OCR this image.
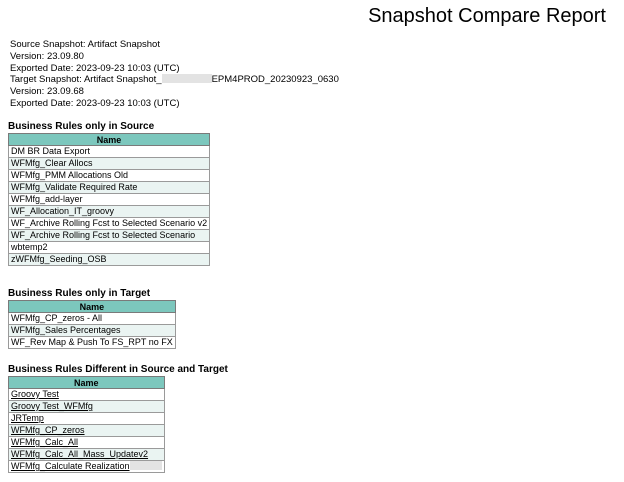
Snapshot Compare Report
Source Snapshot: Artifact Snapshot
Version: 23.09.80
Exported Date: 2023-09-23 10:03 (UTC)
Target Snapshot: Artifact Snapshot_	EPM4PROD_20230923_0630
Version: 23.09.68
Exported Date: 2023-09-23 10:03 (UTC)
Business Rules only in Source
Name
DM BR Data Export
WFMfg_Clear Allocs
WFMfg_PMM Allocations Old
WFMfg_Validate Required Rate
WFMfg_add-layer
WF_Allocation_IT_groovy
WF_Archive Rolling Fcst to Selected Scenario v2
WF_Archive Rolling Fcst to Selected Scenario
wbtemp2
zWFMfg_Seeding_OSB
Business Rules only in Target
Name
WFMfg_CP_zeros - All
WFMfg_Sales Percentages
WF_Rev Map & Push To FS_RPT no FX
Business Rules Different in Source and Target
Name
Groovy Test
Groovy Test_WFMfg
JRTemp
WFMfg_CP_zeros
WFMfg_Calc_All
WFMfg_Calc_All_Mass_Updatev2
WFMfg_Calculate Realization
